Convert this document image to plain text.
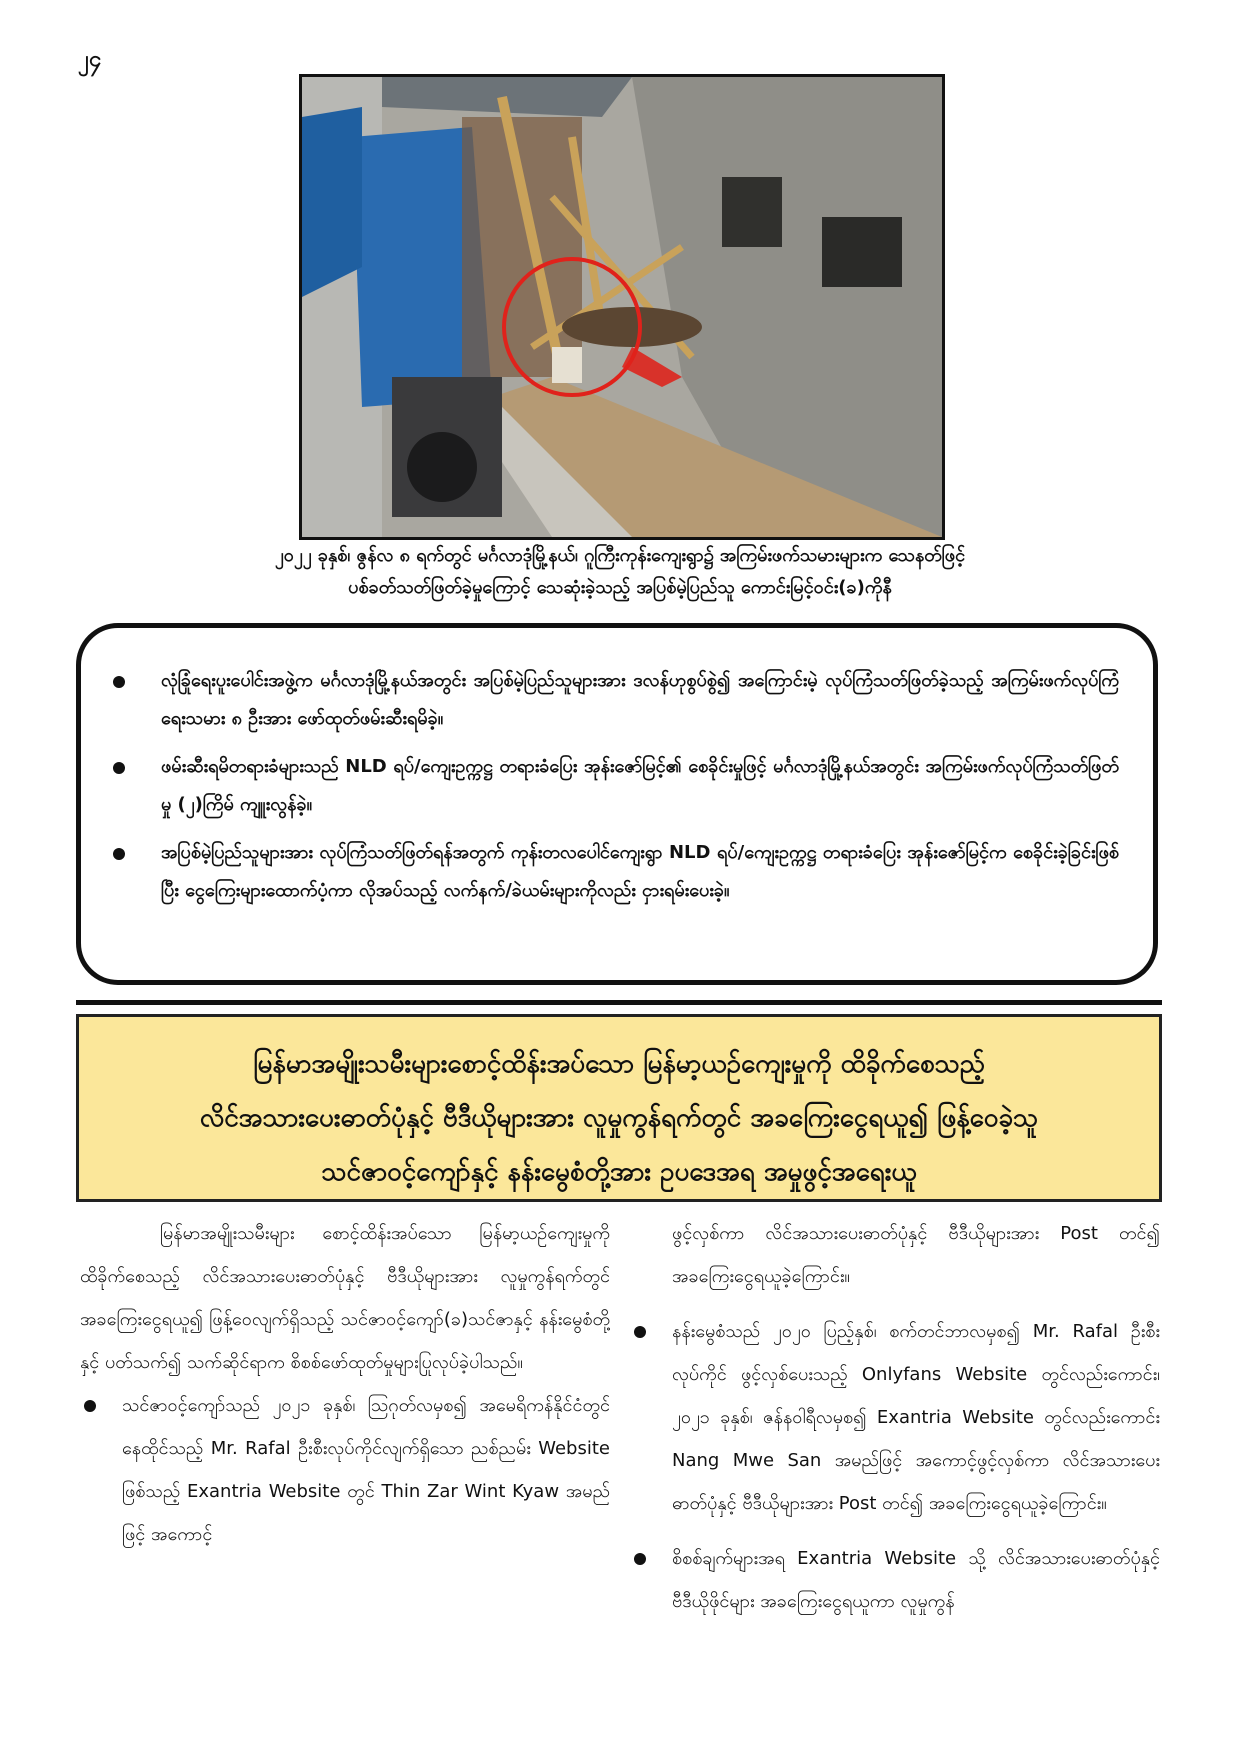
၂၄
၂၀၂၂ ခုနှစ်၊ ဇွန်လ ၈ ရက်တွင် မင်္ဂလာဒုံမြို့နယ်၊ ဂူကြီးကုန်းကျေးရွာ၌ အကြမ်းဖက်သမားများက သေနတ်ဖြင့်
ပစ်ခတ်သတ်ဖြတ်ခဲ့မှုကြောင့် သေဆုံးခဲ့သည့် အပြစ်မဲ့ပြည်သူ ကောင်းမြင့်ဝင်း(ခ)ကိုနီ
လုံခြုံရေးပူးပေါင်းအဖွဲ့က မင်္ဂလာဒုံမြို့နယ်အတွင်း အပြစ်မဲ့ပြည်သူများအား ဒလန်ဟုစွပ်စွဲ၍ အကြောင်းမဲ့ လုပ်ကြံသတ်ဖြတ်ခဲ့သည့် အကြမ်းဖက်လုပ်ကြံရေးသမား ၈ ဦးအား ဖော်ထုတ်ဖမ်းဆီးရမိခဲ့။
ဖမ်းဆီးရမိတရားခံများသည် NLD ရပ်/ကျေးဥက္ကဋ္ဌ တရားခံပြေး အုန်းဇော်မြင့်၏ စေခိုင်းမှုဖြင့် မင်္ဂလာဒုံမြို့နယ်အတွင်း အကြမ်းဖက်လုပ်ကြံသတ်ဖြတ်မှု (၂)ကြိမ် ကျူးလွန်ခဲ့။
အပြစ်မဲ့ပြည်သူများအား လုပ်ကြံသတ်ဖြတ်ရန်အတွက် ကုန်းတလပေါင်ကျေးရွာ NLD ရပ်/ကျေးဥက္ကဋ္ဌ တရားခံပြေး အုန်းဇော်မြင့်က စေခိုင်းခဲ့ခြင်းဖြစ်ပြီး ငွေကြေးများထောက်ပံ့ကာ လိုအပ်သည့် လက်နက်/ခဲယမ်းများကိုလည်း ငှားရမ်းပေးခဲ့။
မြန်မာအမျိုးသမီးများစောင့်ထိန်းအပ်သော မြန်မာ့ယဉ်ကျေးမှုကို ထိခိုက်စေသည့်
လိင်အသားပေးဓာတ်ပုံနှင့် ဗီဒီယိုများအား လူမှုကွန်ရက်တွင် အခကြေးငွေရယူ၍ ဖြန့်ဝေခဲ့သူ
သင်ဇာဝင့်ကျော်နှင့် နန်းမွေစံတို့အား ဥပဒေအရ အမှုဖွင့်အရေးယူ

မြန်မာအမျိုးသမီးများ စောင့်ထိန်းအပ်သော မြန်မာ့ယဉ်ကျေးမှုကို ထိခိုက်စေသည့် လိင်အသားပေးဓာတ်ပုံနှင့် ဗီဒီယိုများအား လူမှုကွန်ရက်တွင် အခကြေးငွေရယူ၍ ဖြန့်ဝေလျက်ရှိသည့် သင်ဇာဝင့်ကျော်(ခ)သင်ဇာနှင့် နန်းမွေစံတို့နှင့် ပတ်သက်၍ သက်ဆိုင်ရာက စိစစ်ဖော်ထုတ်မှုများပြုလုပ်ခဲ့ပါသည်။

သင်ဇာဝင့်ကျော်သည် ၂၀၂၁ ခုနှစ်၊ ဩဂုတ်လမှစ၍ အမေရိကန်နိုင်ငံတွင် နေထိုင်သည့် Mr. Rafal ဦးစီးလုပ်ကိုင်လျက်ရှိသော ညစ်ညမ်း Website ဖြစ်သည့် Exantria Website တွင် Thin Zar Wint Kyaw အမည်ဖြင့် အကောင့်

ဖွင့်လှစ်ကာ လိင်အသားပေးဓာတ်ပုံနှင့် ဗီဒီယိုများအား Post တင်၍ အခကြေးငွေရယူခဲ့ကြောင်း။

နန်းမွေစံသည် ၂၀၂၀ ပြည့်နှစ်၊ စက်တင်ဘာလမှစ၍ Mr. Rafal ဦးစီးလုပ်ကိုင် ဖွင့်လှစ်ပေးသည့် Onlyfans Website တွင်လည်းကောင်း၊ ၂၀၂၁ ခုနှစ်၊ ဇန်နဝါရီလမှစ၍ Exantria Website တွင်လည်းကောင်း Nang Mwe San အမည်ဖြင့် အကောင့်ဖွင့်လှစ်ကာ လိင်အသားပေးဓာတ်ပုံနှင့် ဗီဒီယိုများအား Post တင်၍ အခကြေးငွေရယူခဲ့ကြောင်း။
စိစစ်ချက်များအရ Exantria Website သို့ လိင်အသားပေးဓာတ်ပုံနှင့် ဗီဒီယိုဖိုင်များ အခကြေးငွေရယူကာ လူမှုကွန်
